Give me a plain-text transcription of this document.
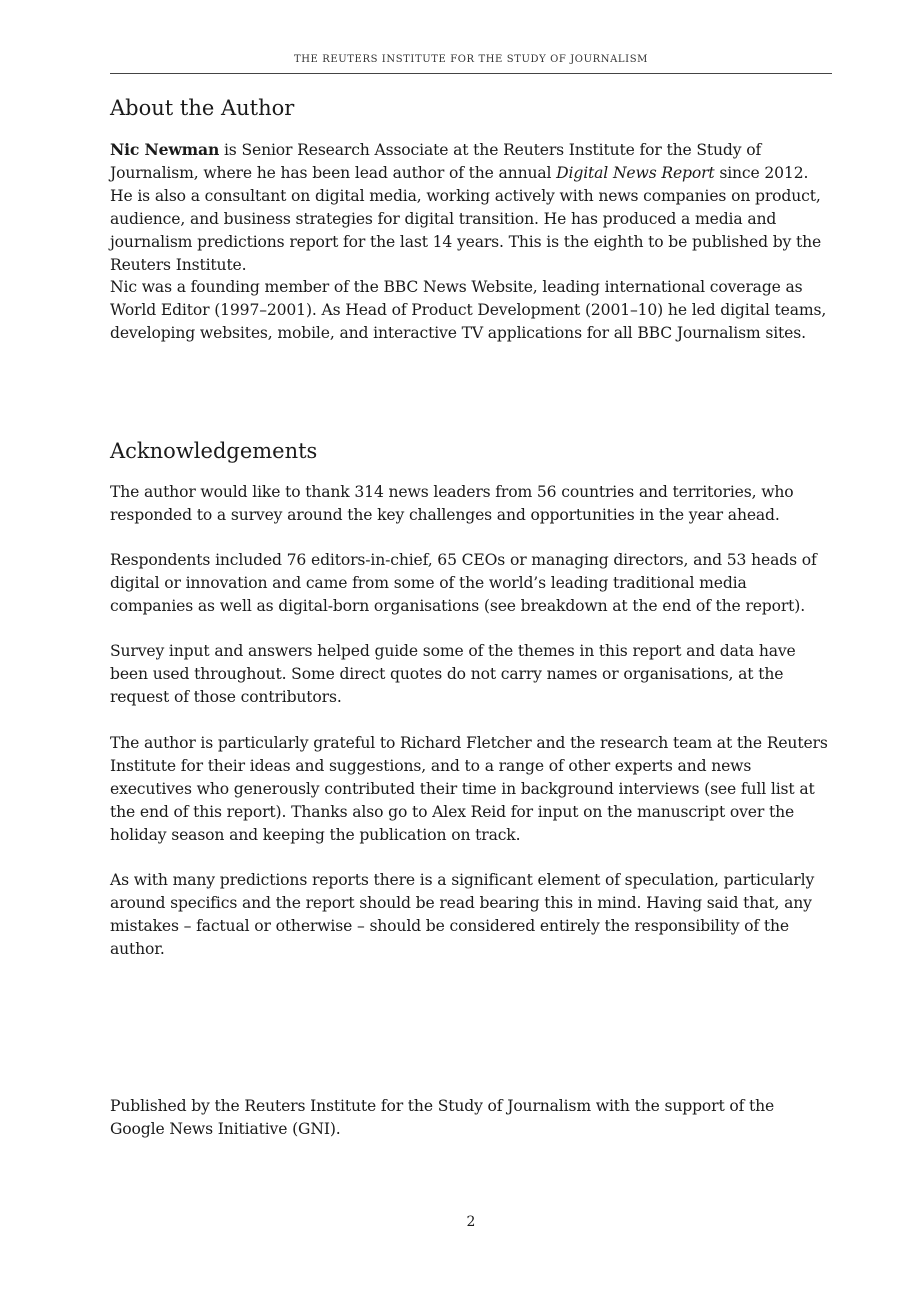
THE REUTERS INSTITUTE FOR THE STUDY OF JOURNALISM
About the Author

Nic Newman is Senior Research Associate at the Reuters Institute for the Study of Journalism, where he has been lead author of the annual Digital News Report since 2012. He is also a consultant on digital media, working actively with news companies on product, audience, and business strategies for digital transition. He has produced a media and journalism predictions report for the last 14 years. This is the eighth to be published by the Reuters Institute.

Nic was a founding member of the BBC News Website, leading international coverage as World Editor (1997–2001). As Head of Product Development (2001–10) he led digital teams, developing websites, mobile, and interactive TV applications for all BBC Journalism sites.

Acknowledgements

The author would like to thank 314 news leaders from 56 countries and territories, who responded to a survey around the key challenges and opportunities in the year ahead.

Respondents included 76 editors-in-chief, 65 CEOs or managing directors, and 53 heads of digital or innovation and came from some of the world’s leading traditional media companies as well as digital-born organisations (see breakdown at the end of the report).

Survey input and answers helped guide some of the themes in this report and data have been used throughout. Some direct quotes do not carry names or organisations, at the request of those contributors.

The author is particularly grateful to Richard Fletcher and the research team at the Reuters Institute for their ideas and suggestions, and to a range of other experts and news executives who generously contributed their time in background interviews (see full list at the end of this report). Thanks also go to Alex Reid for input on the manuscript over the holiday season and keeping the publication on track.

As with many predictions reports there is a significant element of speculation, particularly around specifics and the report should be read bearing this in mind. Having said that, any mistakes – factual or otherwise – should be considered entirely the responsibility of the author.

Published by the Reuters Institute for the Study of Journalism with the support of the Google News Initiative (GNI).

2
